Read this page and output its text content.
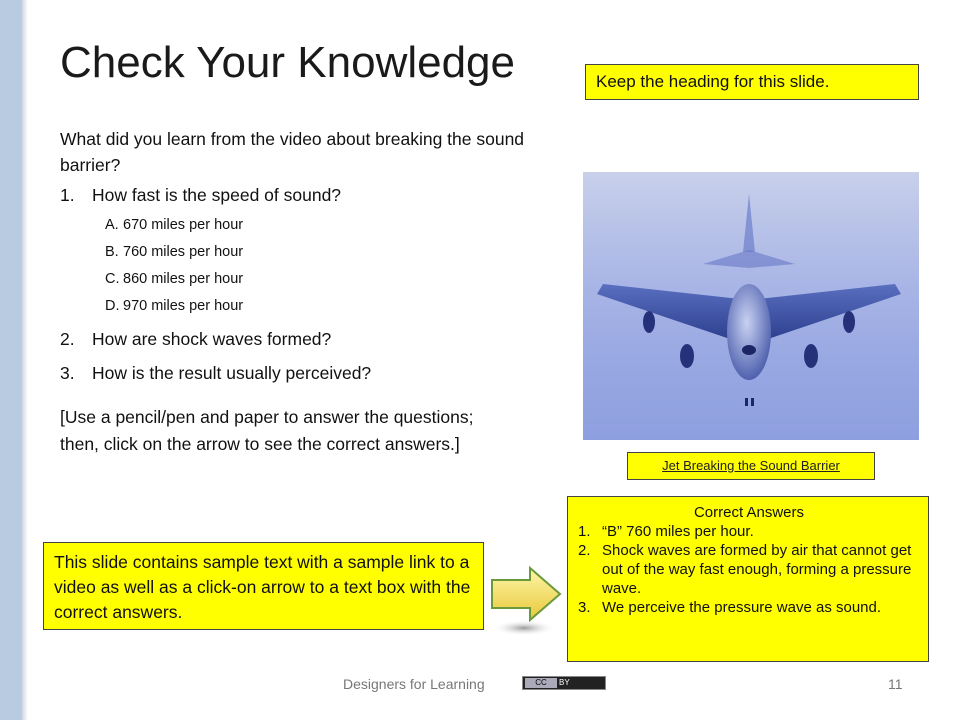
Check Your Knowledge	Keep the heading for this slide.
What did you learn from the video about breaking the sound barrier?
1. How fast is the speed of sound?
A. 670 miles per hour
B. 760 miles per hour
C. 860 miles per hour
D. 970 miles per hour
2. How are shock waves formed?
3. How is the result usually perceived?
[Use a pencil/pen and paper to answer the questions; then, click on the arrow to see the correct answers.]
Jet Breaking the Sound Barrier
Correct Answers
1. “B” 760 miles per hour.
2. Shock waves are formed by air that cannot get out of the way fast enough, forming a pressure wave.
3. We perceive the pressure wave as sound.
This slide contains sample text with a sample link to a video as well as a click-on arrow to a text box with the correct answers.
Designers for Learning	CC	BY	11
